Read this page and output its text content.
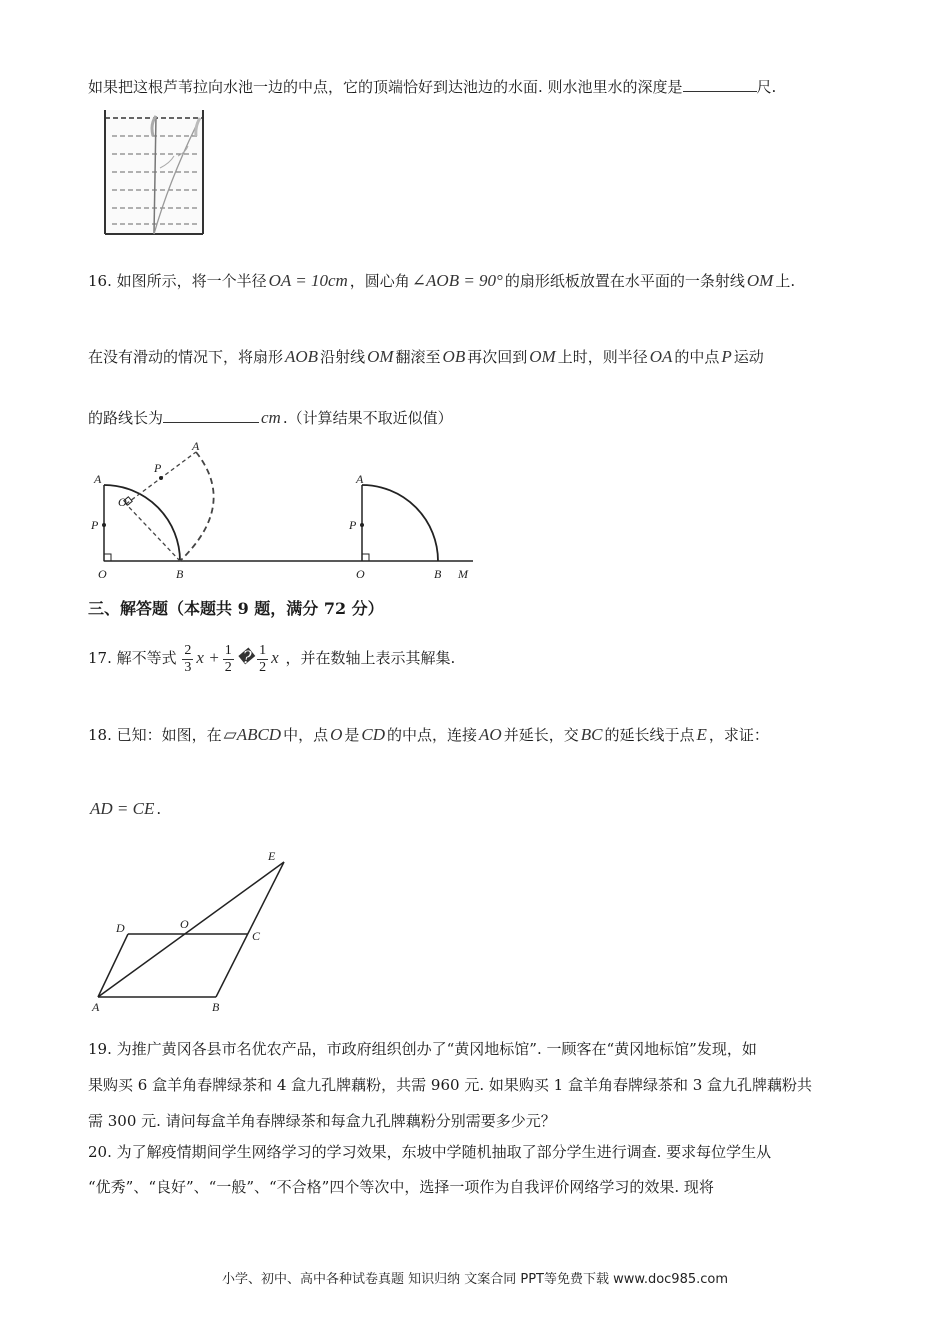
如果把这根芦苇拉向水池一边的中点，它的顶端恰好到达池边的水面. 则水池里水的深度是	尺.
16. 如图所示，将一个半径 OA = 10cm ，圆心角 ∠AOB = 90° 的扇形纸板放置在水平面的一条射线 OM 上.
在没有滑动的情况下，将扇形 AOB 沿射线 OM 翻滚至 OB 再次回到 OM 上时，则半径 OA 的中点 P 运动
的路线长为	cm .（计算结果不取近似值）
A
P
O	B
A
P
O
A
P
O	B M
三、解答题（本题共 9 题，满分 72 分）
17. 解不等式 $\frac{2}{3}$ $x + \frac{1}{2}$ � $\frac{1}{2}$ x ，并在数轴上表示其解集.
18. 已知：如图，在 ▱ABCD 中，点 O 是 CD 的中点，连接 AO 并延长，交 BC 的延长线于点 E ，求证：
AD = CE .
E
D	O
C
A	B
19. 为推广黄冈各县市名优农产品，市政府组织创办了“黄冈地标馆”. 一顾客在“黄冈地标馆”发现，如
果购买 6 盒羊角春牌绿茶和 4 盒九孔牌藕粉，共需 960 元. 如果购买 1 盒羊角春牌绿茶和 3 盒九孔牌藕粉共
需 300 元. 请问每盒羊角春牌绿茶和每盒九孔牌藕粉分别需要多少元？
20. 为了解疫情期间学生网络学习的学习效果，东坡中学随机抽取了部分学生进行调查. 要求每位学生从
“优秀”、“良好”、“一般”、“不合格”四个等次中，选择一项作为自我评价网络学习的效果. 现将
小学、初中、高中各种试卷真题 知识归纳 文案合同 PPT等免费下载 www.doc985.com
